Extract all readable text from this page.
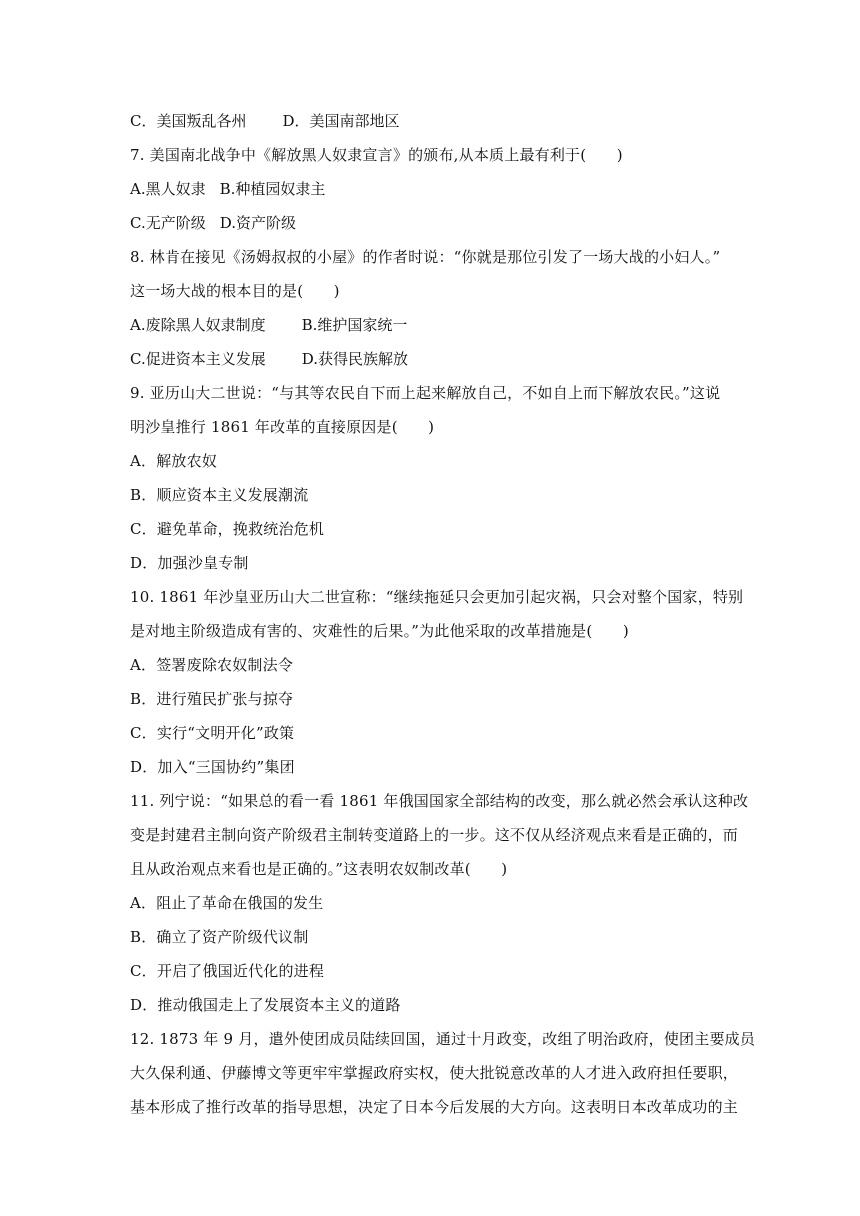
C．美国叛乱各州 D．美国南部地区
7. 美国南北战争中《解放黑人奴隶宣言》的颁布,从本质上最有利于(　　)
A.黑人奴隶 B.种植园奴隶主
C.无产阶级 D.资产阶级
8. 林肯在接见《汤姆叔叔的小屋》的作者时说：“你就是那位引发了一场大战的小妇人。”
这一场大战的根本目的是(　　)
A.废除黑人奴隶制度 B.维护国家统一
C.促进资本主义发展 D.获得民族解放
9. 亚历山大二世说：“与其等农民自下而上起来解放自己，不如自上而下解放农民。”这说
明沙皇推行 1861 年改革的直接原因是(　　)
A．解放农奴
B．顺应资本主义发展潮流
C．避免革命，挽救统治危机
D．加强沙皇专制
10. 1861 年沙皇亚历山大二世宣称：“继续拖延只会更加引起灾祸，只会对整个国家，特别
是对地主阶级造成有害的、灾难性的后果。”为此他采取的改革措施是(　　)
A．签署废除农奴制法令
B．进行殖民扩张与掠夺
C．实行“文明开化”政策
D．加入“三国协约”集团
11. 列宁说：“如果总的看一看 1861 年俄国国家全部结构的改变，那么就必然会承认这种改
变是封建君主制向资产阶级君主制转变道路上的一步。这不仅从经济观点来看是正确的，而
且从政治观点来看也是正确的。”这表明农奴制改革(　　)
A．阻止了革命在俄国的发生
B．确立了资产阶级代议制
C．开启了俄国近代化的进程
D．推动俄国走上了发展资本主义的道路
12. 1873 年 9 月，遣外使团成员陆续回国，通过十月政变，改组了明治政府，使团主要成员
大久保利通、伊藤博文等更牢牢掌握政府实权，使大批锐意改革的人才进入政府担任要职，
基本形成了推行改革的指导思想，决定了日本今后发展的大方向。这表明日本改革成功的主
